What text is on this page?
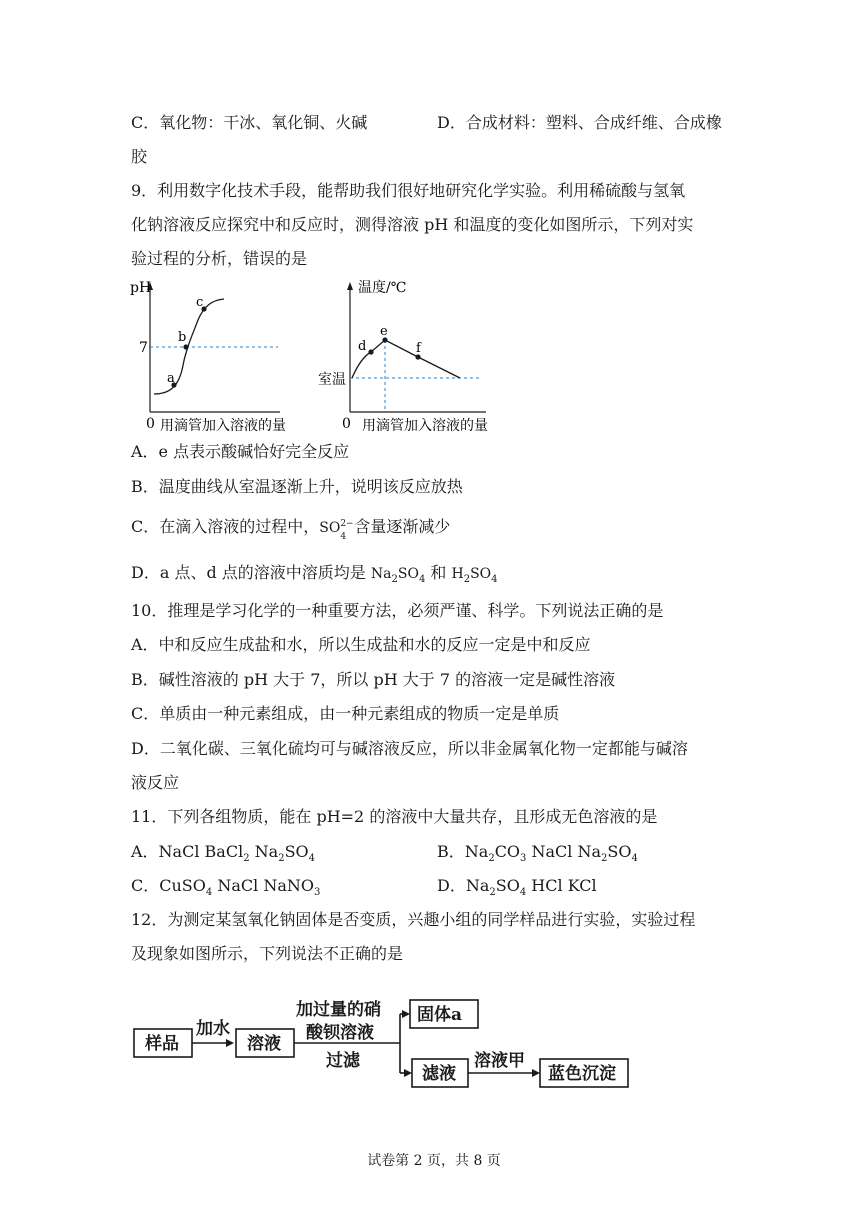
C．氧化物：干冰、氧化铜、火碱	D．合成材料：塑料、合成纤维、合成橡
胶
9．利用数字化技术手段，能帮助我们很好地研究化学实验。利用稀硫酸与氢氧
化钠溶液反应探究中和反应时，测得溶液 pH 和温度的变化如图所示，下列对实
验过程的分析，错误的是
pH
7
0
a
b
c
用滴管加入溶液的量
温度/℃
室温
0
d
e
f
用滴管加入溶液的量
A．e 点表示酸碱恰好完全反应
B．温度曲线从室温逐渐上升，说明该反应放热
C．在滴入溶液的过程中，SO 2−
4
含量逐渐减少
D．a 点、d 点的溶液中溶质均是 $Na_2SO_4$ 和 $H_2SO_4$
10．推理是学习化学的一种重要方法，必须严谨、科学。下列说法正确的是
A．中和反应生成盐和水，所以生成盐和水的反应一定是中和反应
B．碱性溶液的 pH 大于 7，所以 pH 大于 7 的溶液一定是碱性溶液
C．单质由一种元素组成，由一种元素组成的物质一定是单质
D．二氧化碳、三氧化硫均可与碱溶液反应，所以非金属氧化物一定都能与碱溶
液反应
11．下列各组物质，能在 pH=2 的溶液中大量共存，且形成无色溶液的是
A．NaCl BaCl$_2$ $Na_2SO_4$	B．$Na_2CO_3$ NaCl $Na_2SO_4$
C．CuSO$_4$ NaCl NaNO$_3$	D．$Na_2SO_4$ HCl KCl
12．为测定某氢氧化钠固体是否变质，兴趣小组的同学样品进行实验，实验过程
及现象如图所示，下列说法不正确的是
样品
加水
溶液
加过量的硝
酸钡溶液
过滤
固体a
滤液
溶液甲
蓝色沉淀
试卷第 2 页，共 8 页
